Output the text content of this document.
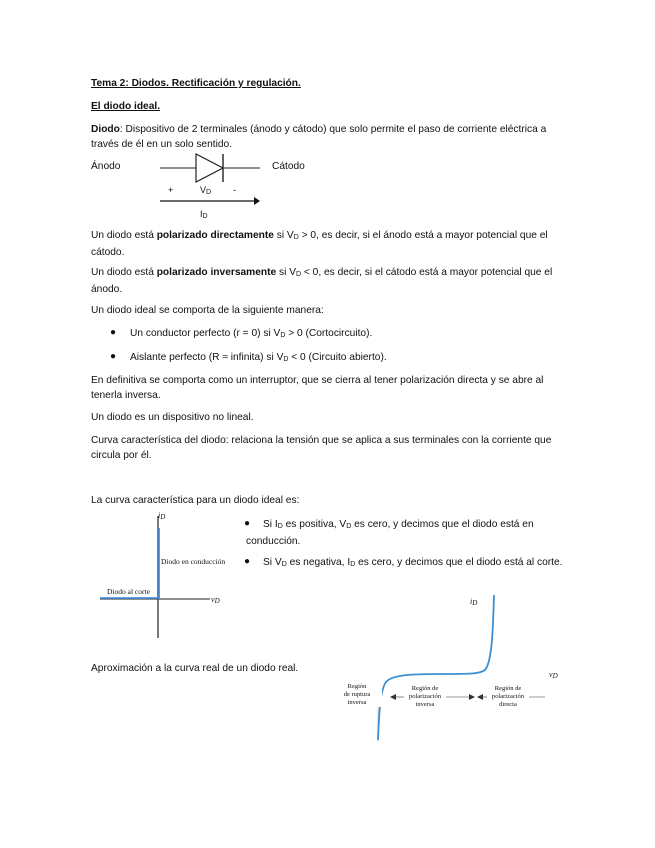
Tema 2: Diodos. Rectificación y regulación.
El diodo ideal.
Diodo: Dispositivo de 2 terminales (ánodo y cátodo) que solo permite el paso de corriente eléctrica a través de él en un solo sentido.
Ánodo	Cátodo
+	$V_D$ -
$I_D$
Un diodo está polarizado directamente si $V_D > 0$, es decir, si el ánodo está a mayor potencial que el cátodo.
Un diodo está polarizado inversamente si $V_D < 0$, es decir, si el cátodo está a mayor potencial que el ánodo.
Un diodo ideal se comporta de la siguiente manera:
● Un conductor perfecto (r = 0) si $V_D > 0$ (Cortocircuito).
● Aislante perfecto (R ≈ infinita) si $V_D < 0$ (Circuito abierto).
En definitiva se comporta como un interruptor, que se cierra al tener polarización directa y se abre al tenerla inversa.
Un diodo es un dispositivo no lineal.
Curva característica del diodo: relaciona la tensión que se aplica a sus terminales con la corriente que circula por él.
La curva característica para un diodo ideal es:
$i_D$
$v_D$
Diodo en conducción
Diodo al corte
●	Si $I_D$ es positiva, $V_D$ es cero, y decimos que el diodo está en conducción.
●	Si $V_D$ es negativa, $I_D$ es cero, y decimos que el diodo está al corte.
Aproximación a la curva real de un diodo real.
$i_D$
$v_D$
Región
de ruptura
inversa
Región de
polarización
inversa
Región de
polarización
directa
